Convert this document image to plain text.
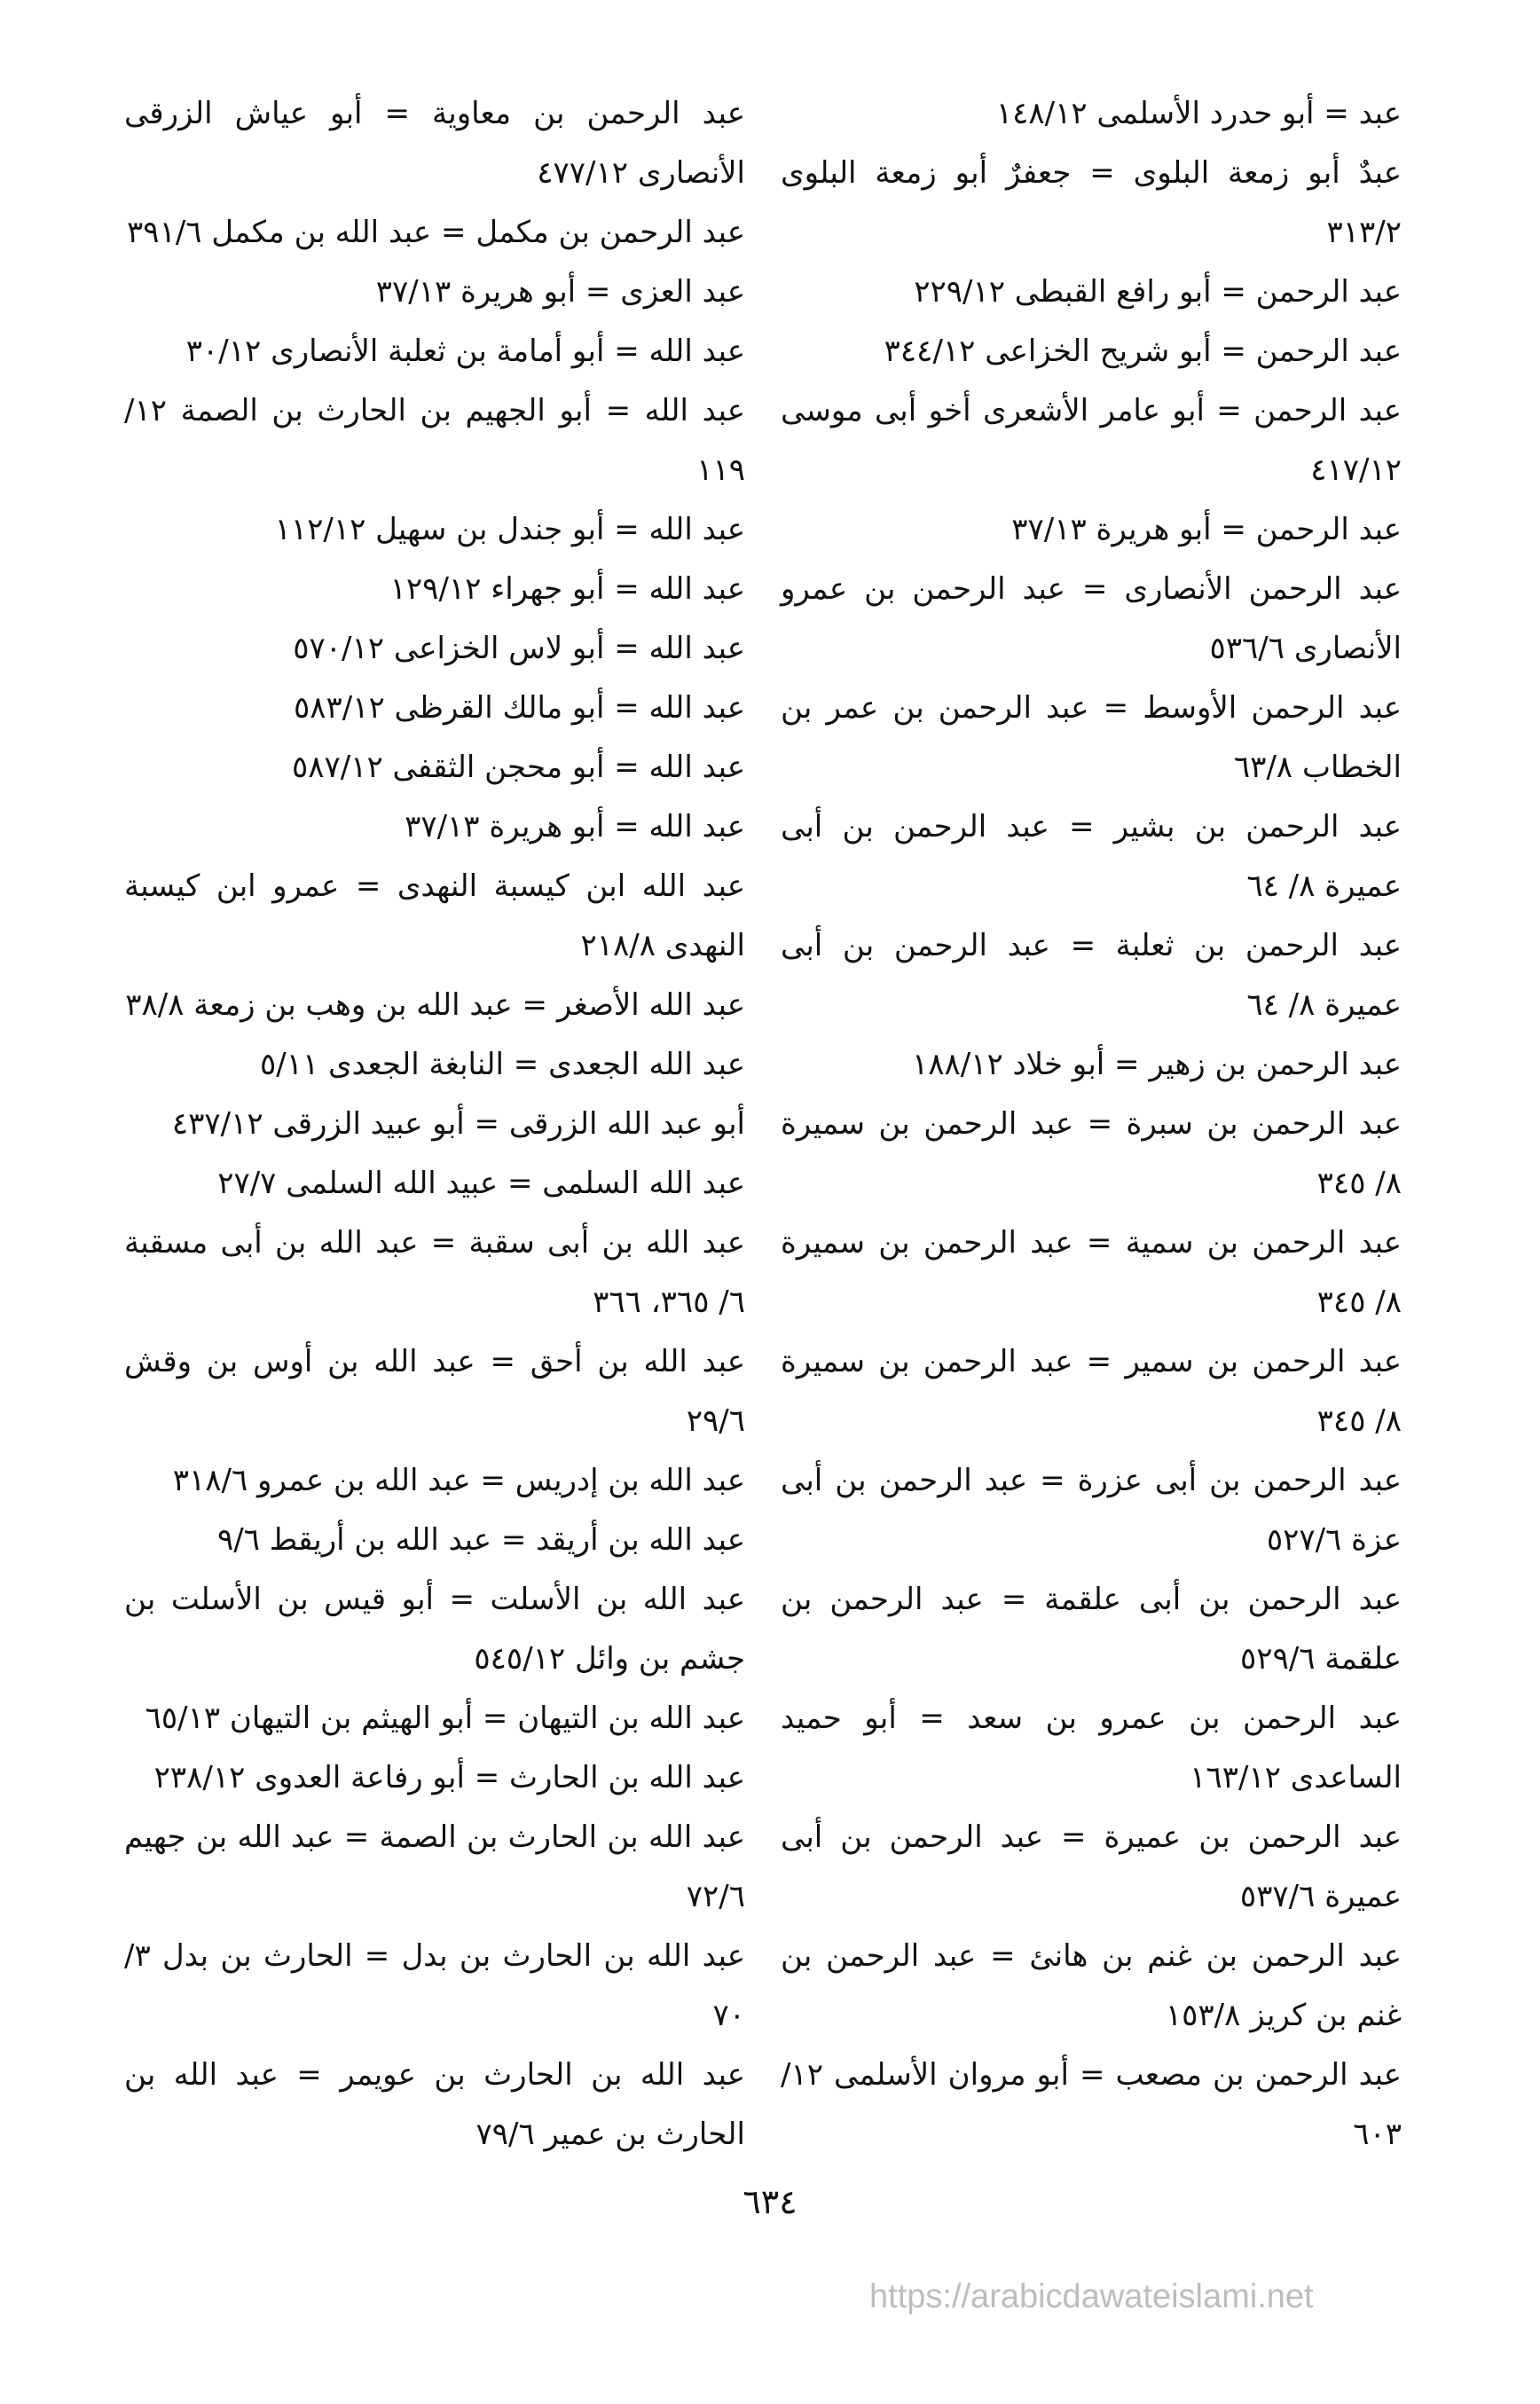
عبد = أبو حدرد الأسلمى ١٤٨/١٢

عبدٌ أبو زمعة البلوى = جعفرٌ أبو زمعة البلوى ٣١٣/٢

عبد الرحمن = أبو رافع القبطى ٢٢٩/١٢

عبد الرحمن = أبو شريح الخزاعى ٣٤٤/١٢

عبد الرحمن = أبو عامر الأشعرى أخو أبى موسى ٤١٧/١٢

عبد الرحمن = أبو هريرة ٣٧/١٣

عبد الرحمن الأنصارى = عبد الرحمن بن عمرو الأنصارى ٥٣٦/٦

عبد الرحمن الأوسط = عبد الرحمن بن عمر بن الخطاب ٦٣/٨

عبد الرحمن بن بشير = عبد الرحمن بن أبى عميرة ٨/ ٦٤

عبد الرحمن بن ثعلبة = عبد الرحمن بن أبى عميرة ٨/ ٦٤

عبد الرحمن بن زهير = أبو خلاد ١٨٨/١٢

عبد الرحمن بن سبرة = عبد الرحمن بن سميرة ٨/ ٣٤٥

عبد الرحمن بن سمية = عبد الرحمن بن سميرة ٨/ ٣٤٥

عبد الرحمن بن سمير = عبد الرحمن بن سميرة ٨/ ٣٤٥

عبد الرحمن بن أبى عزرة = عبد الرحمن بن أبى عزة ٥٢٧/٦

عبد الرحمن بن أبى علقمة = عبد الرحمن بن علقمة ٥٢٩/٦

عبد الرحمن بن عمرو بن سعد = أبو حميد الساعدى ١٦٣/١٢

عبد الرحمن بن عميرة = عبد الرحمن بن أبى عميرة ٥٣٧/٦

عبد الرحمن بن غنم بن هانئ = عبد الرحمن بن غنم بن كريز ١٥٣/٨

عبد الرحمن بن مصعب = أبو مروان الأسلمى ١٢/ ٦٠٣

عبد الرحمن بن معاوية = أبو عياش الزرقى الأنصارى ٤٧٧/١٢

عبد الرحمن بن مكمل = عبد الله بن مكمل ٣٩١/٦

عبد العزى = أبو هريرة ٣٧/١٣

عبد الله = أبو أمامة بن ثعلبة الأنصارى ٣٠/١٢

عبد الله = أبو الجهيم بن الحارث بن الصمة ١٢/ ١١٩

عبد الله = أبو جندل بن سهيل ١١٢/١٢

عبد الله = أبو جهراء ١٢٩/١٢

عبد الله = أبو لاس الخزاعى ٥٧٠/١٢

عبد الله = أبو مالك القرظى ٥٨٣/١٢

عبد الله = أبو محجن الثقفى ٥٨٧/١٢

عبد الله = أبو هريرة ٣٧/١٣

عبد الله ابن كيسبة النهدى = عمرو ابن كيسبة النهدى ٢١٨/٨

عبد الله الأصغر = عبد الله بن وهب بن زمعة ٣٨/٨

عبد الله الجعدى = النابغة الجعدى ٥/١١

أبو عبد الله الزرقى = أبو عبيد الزرقى ٤٣٧/١٢

عبد الله السلمى = عبيد الله السلمى ٢٧/٧

عبد الله بن أبى سقبة = عبد الله بن أبى مسقبة ٦/ ٣٦٥، ٣٦٦

عبد الله بن أحق = عبد الله بن أوس بن وقش ٢٩/٦

عبد الله بن إدريس = عبد الله بن عمرو ٣١٨/٦

عبد الله بن أريقد = عبد الله بن أريقط ٩/٦

عبد الله بن الأسلت = أبو قيس بن الأسلت بن جشم بن وائل ٥٤٥/١٢

عبد الله بن التيهان = أبو الهيثم بن التيهان ٦٥/١٣

عبد الله بن الحارث = أبو رفاعة العدوى ٢٣٨/١٢

عبد الله بن الحارث بن الصمة = عبد الله بن جهيم ٧٢/٦

عبد الله بن الحارث بن بدل = الحارث بن بدل ٣/ ٧٠

عبد الله بن الحارث بن عويمر = عبد الله بن الحارث بن عمير ٧٩/٦

٦٣٤
https://arabicdawateislami.net
